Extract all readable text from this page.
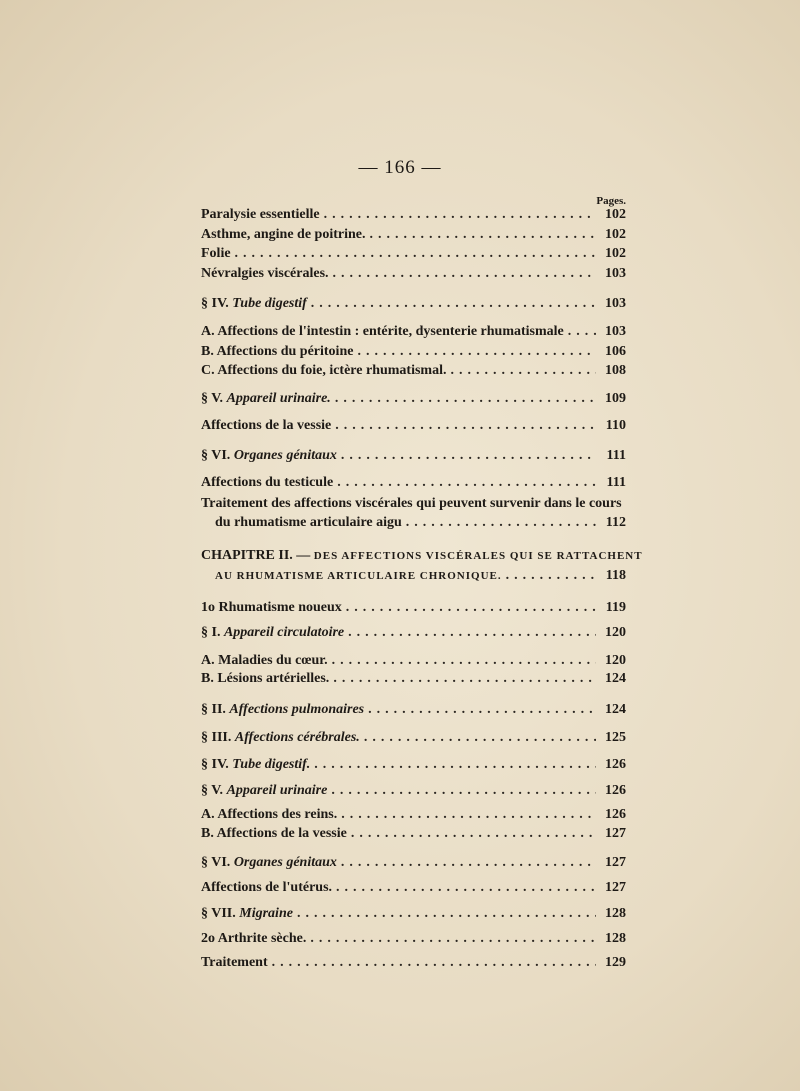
— 166 —
Pages.
Paralysie essentielle .....	102
Asthme, angine de poitrine. .....	102
Folie .....	102
Névralgies viscérales. .....	103
§ IV. Tube digestif .....	103
A. Affections de l'intestin : entérite, dysenterie rhumatismale .....	103
B. Affections du péritoine .....	106
C. Affections du foie, ictère rhumatismal. .....	108
§ V. Appareil urinaire. .....	109
Affections de la vessie .....	110
§ VI. Organes génitaux .....	111
Affections du testicule .....	111
Traitement des affections viscérales qui peuvent survenir dans le cours
du rhumatisme articulaire aigu .....	112
CHAPITRE II. — DES AFFECTIONS VISCÉRALES QUI SE RATTACHENT
AU RHUMATISME ARTICULAIRE CHRONIQUE. .....	118
1o Rhumatisme noueux .....	119
§ I. Appareil circulatoire .....	120
A. Maladies du cœur. .....	120
B. Lésions artérielles. .....	124
§ II. Affections pulmonaires .....	124
§ III. Affections cérébrales. .....	125
§ IV. Tube digestif. .....	126
§ V. Appareil urinaire .....	126
A. Affections des reins. .....	126
B. Affections de la vessie .....	127
§ VI. Organes génitaux .....	127
Affections de l'utérus. .....	127
§ VII. Migraine .....	128
2o Arthrite sèche. .....	128
Traitement .....	129
